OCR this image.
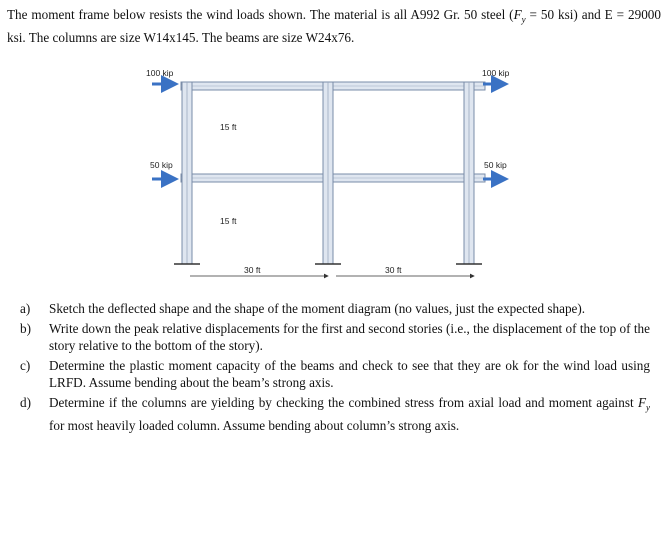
The moment frame below resists the wind loads shown. The material is all A992 Gr. 50 steel ($F_y = 50$ ksi) and E = 29000 ksi. The columns are size W14x145. The beams are size W24x76.
100 kip	100 kip
50 kip	50 kip
15 ft
15 ft
30 ft	30 ft
a)	Sketch the deflected shape and the shape of the moment diagram (no values, just the expected shape).
b)	Write down the peak relative displacements for the first and second stories (i.e., the displacement of the top of the story relative to the bottom of the story).
c)	Determine the plastic moment capacity of the beams and check to see that they are ok for the wind load using LRFD. Assume bending about the beam’s strong axis.
d)	Determine if the columns are yielding by checking the combined stress from axial load and moment against $F_y$ for most heavily loaded column. Assume bending about column’s strong axis.
